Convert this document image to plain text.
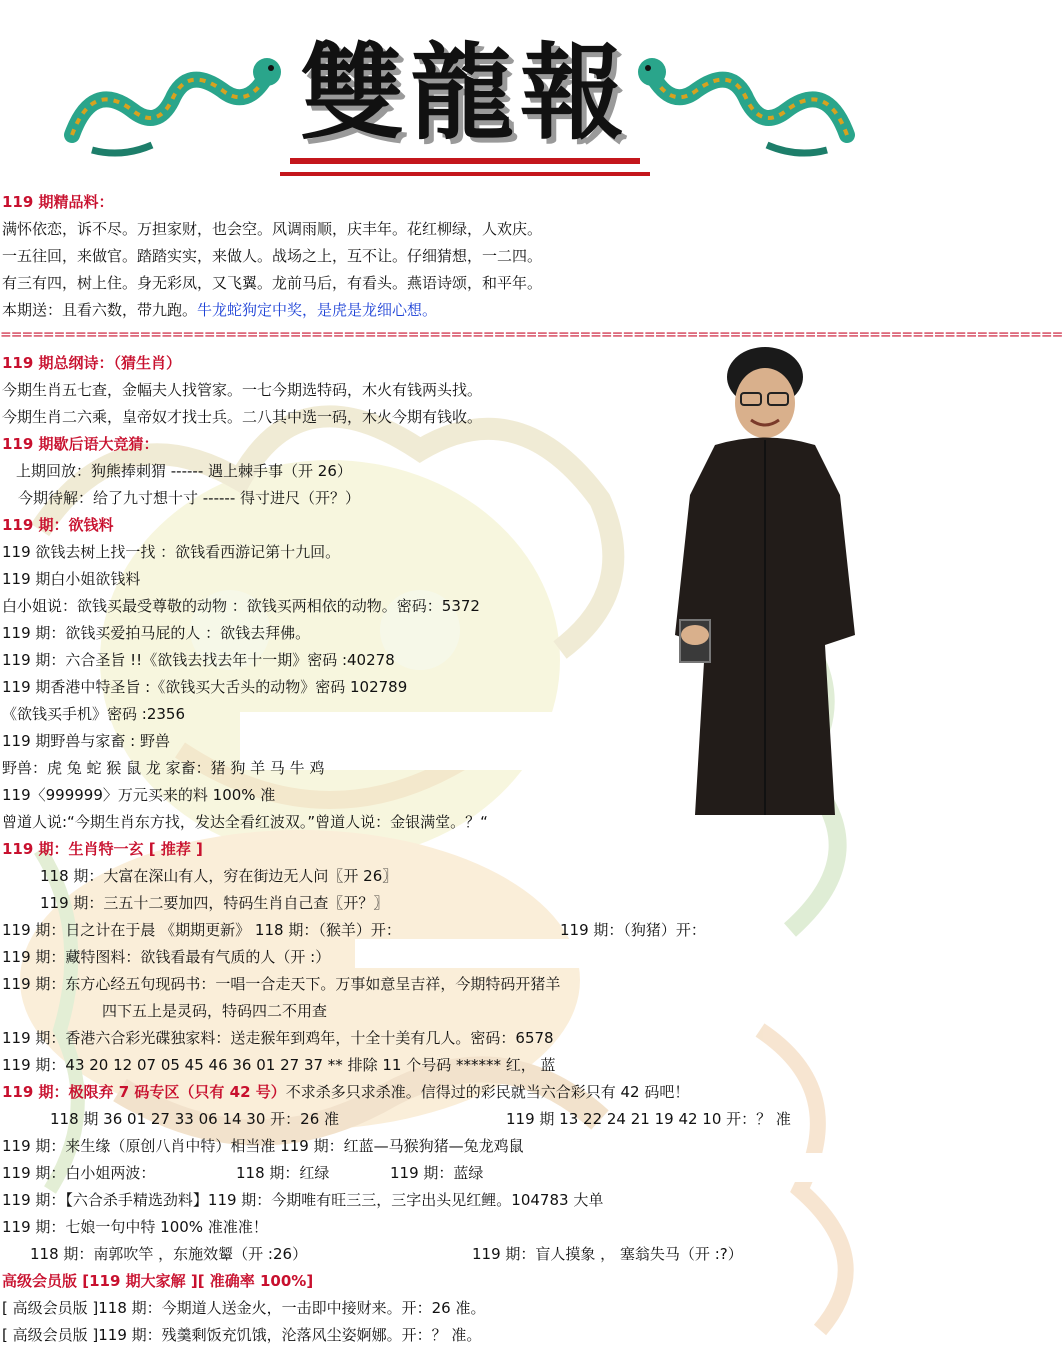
雙龍報
119 期精品料：
满怀依恋，诉不尽。万担家财，也会空。风调雨顺，庆丰年。花红柳绿，人欢庆。
一五往回，来做官。踏踏实实，来做人。战场之上，互不让。仔细猜想，一二四。
有三有四，树上住。身无彩凤，又飞翼。龙前马后，有看头。燕语诗颂，和平年。
本期送：且看六数，带九跑。牛龙蛇狗定中奖，是虎是龙细心想。
===================================================================================================
119 期总纲诗：（猜生肖）
今期生肖五七查，金幅夫人找管家。一七今期选特码，木火有钱两头找。
今期生肖二六乘，皇帝奴才找士兵。二八其中选一码，木火今期有钱收。
119 期歇后语大竞猜：
上期回放：狗熊捧刺猬 ------ 遇上棘手事（开 26）
今期待解：给了九寸想十寸 ------ 得寸进尺（开？）
119 期：欲钱料
119 欲钱去树上找一找 ：欲钱看西游记第十九回。
119 期白小姐欲钱料
白小姐说：欲钱买最受尊敬的动物 ：欲钱买两相依的动物。密码：5372
119 期：欲钱买爱拍马屁的人 ：欲钱去拜佛。
119 期：六合圣旨 !!《欲钱去找去年十一期》密码 :40278
119 期香港中特圣旨 :《欲钱买大舌头的动物》密码 102789
《欲钱买手机》密码 :2356
119 期野兽与家畜 : 野兽
野兽：虎 兔 蛇 猴 鼠 龙 家畜：猪 狗 羊 马 牛 鸡
119〈999999〉万元买来的料 100% 准
曾道人说:“今期生肖东方找，发达全看红波双。”曾道人说：金银满堂。？“
119 期：生肖特一玄 [ 推荐 ]
118 期：大富在深山有人，穷在街边无人问〖开 26〗
119 期：三五十二要加四，特码生肖自己查〖开？〗
119 期：日之计在于晨 《期期更新》 118 期：（猴羊）开：	119 期：（狗猪）开：
119 期：藏特图料：欲钱看最有气质的人（开 :）
119 期：东方心经五句现码书：一唱一合走天下。万事如意呈吉祥，今期特码开猪羊
四下五上是灵码，特码四二不用查
119 期：香港六合彩光碟独家料：送走猴年到鸡年，十全十美有几人。密码：6578
119 期：43 20 12 07 05 45 46 36 01 27 37 ** 排除 11 个号码 ****** 红， 蓝
119 期：极限弃 7 码专区（只有 42 号）不求杀多只求杀准。信得过的彩民就当六合彩只有 42 码吧！
118 期 36 01 27 33 06 14 30 开：26 准	119 期 13 22 24 21 19 42 10 开：？ 准
119 期：来生缘（原创八肖中特）相当准 119 期：红蓝—马猴狗猪—兔龙鸡鼠
119 期：白小姐两波：	118 期：红绿	119 期：蓝绿
119 期：【六合杀手精选劲料】119 期：今期唯有旺三三，三字出头见红鲤。104783 大单
119 期：七娘一句中特 100% 准准准！
118 期：南郭吹竿 ，东施效颦（开 :26）	119 期：盲人摸象 ， 塞翁失马（开 :?）
高级会员版 [119 期大家解 ][ 准确率 100%]
[ 高级会员版 ]118 期：今期道人送金火，一击即中接财来。开：26 准。
[ 高级会员版 ]119 期：残羹剩饭充饥饿，沦落风尘姿婀娜。开：？ 准。
